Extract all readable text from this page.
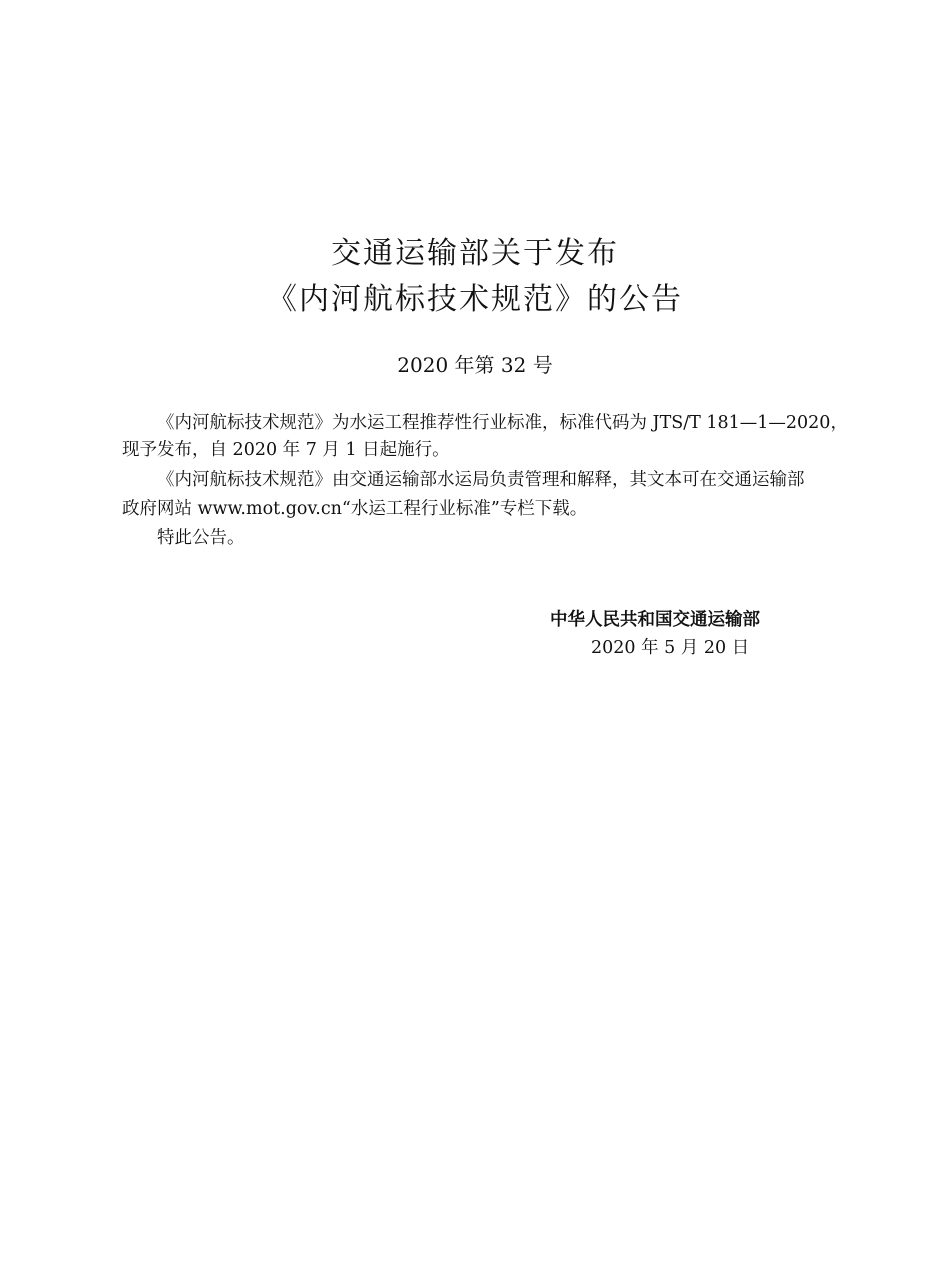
交通运输部关于发布
《内河航标技术规范》的公告
2020 年第 32 号
《内河航标技术规范》为水运工程推荐性行业标准，标准代码为 JTS/T 181—1—2020，
现予发布，自 2020 年 7 月 1 日起施行。
《内河航标技术规范》由交通运输部水运局负责管理和解释，其文本可在交通运输部
政府网站 www.mot.gov.cn“水运工程行业标准”专栏下载。
特此公告。
中华人民共和国交通运输部
2020 年 5 月 20 日
